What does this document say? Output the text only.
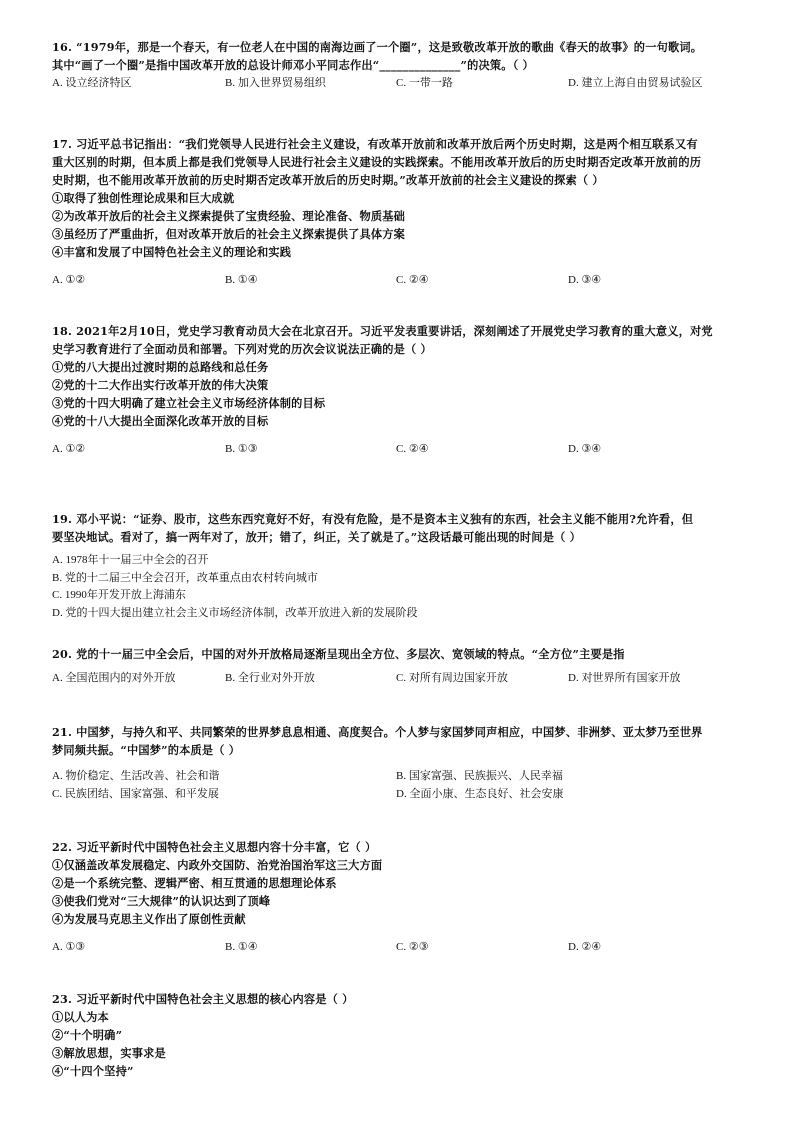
16. “1979年，那是一个春天，有一位老人在中国的南海边画了一个圈”，这是致敬改革开放的歌曲《春天的故事》的一句歌词。
其中“画了一个圈”是指中国改革开放的总设计师邓小平同志作出“______________”的决策。（ ）
A. 设立经济特区	B. 加入世界贸易组织	C. 一带一路	D. 建立上海自由贸易试验区
17. 习近平总书记指出：“我们党领导人民进行社会主义建设，有改革开放前和改革开放后两个历史时期，这是两个相互联系又有
重大区别的时期，但本质上都是我们党领导人民进行社会主义建设的实践探索。不能用改革开放后的历史时期否定改革开放前的历
史时期，也不能用改革开放前的历史时期否定改革开放后的历史时期。”改革开放前的社会主义建设的探索（ ）
①取得了独创性理论成果和巨大成就
②为改革开放后的社会主义探索提供了宝贵经验、理论准备、物质基础
③虽经历了严重曲折，但对改革开放后的社会主义探索提供了具体方案
④丰富和发展了中国特色社会主义的理论和实践
A. ①②	B. ①④	C. ②④	D. ③④
18. 2021年2月10日，党史学习教育动员大会在北京召开。习近平发表重要讲话，深刻阐述了开展党史学习教育的重大意义，对党
史学习教育进行了全面动员和部署。下列对党的历次会议说法正确的是（ ）
①党的八大提出过渡时期的总路线和总任务
②党的十二大作出实行改革开放的伟大决策
③党的十四大明确了建立社会主义市场经济体制的目标
④党的十八大提出全面深化改革开放的目标
A. ①②	B. ①③	C. ②④	D. ③④
19. 邓小平说：“证券、股市，这些东西究竟好不好，有没有危险，是不是资本主义独有的东西，社会主义能不能用?允许看，但
要坚决地试。看对了，搞一两年对了，放开；错了，纠正，关了就是了。”这段话最可能出现的时间是（ ）
A. 1978年十一届三中全会的召开
B. 党的十二届三中全会召开，改革重点由农村转向城市
C. 1990年开发开放上海浦东
D. 党的十四大提出建立社会主义市场经济体制，改革开放进入新的发展阶段
20. 党的十一届三中全会后，中国的对外开放格局逐渐呈现出全方位、多层次、宽领域的特点。“全方位”主要是指
A. 全国范围内的对外开放	B. 全行业对外开放	C. 对所有周边国家开放	D. 对世界所有国家开放
21. 中国梦，与持久和平、共同繁荣的世界梦息息相通、高度契合。个人梦与家国梦同声相应，中国梦、非洲梦、亚太梦乃至世界
梦同频共振。“中国梦”的本质是（ ）
A. 物价稳定、生活改善、社会和谐	B. 国家富强、民族振兴、人民幸福
C. 民族团结、国家富强、和平发展	D. 全面小康、生态良好、社会安康
22. 习近平新时代中国特色社会主义思想内容十分丰富，它（ ）
①仅涵盖改革发展稳定、内政外交国防、治党治国治军这三大方面
②是一个系统完整、逻辑严密、相互贯通的思想理论体系
③使我们党对“三大规律”的认识达到了顶峰
④为发展马克思主义作出了原创性贡献
A. ①③	B. ①④	C. ②③	D. ②④
23. 习近平新时代中国特色社会主义思想的核心内容是（ ）
①以人为本
②“十个明确”
③解放思想，实事求是
④“十四个坚持”
